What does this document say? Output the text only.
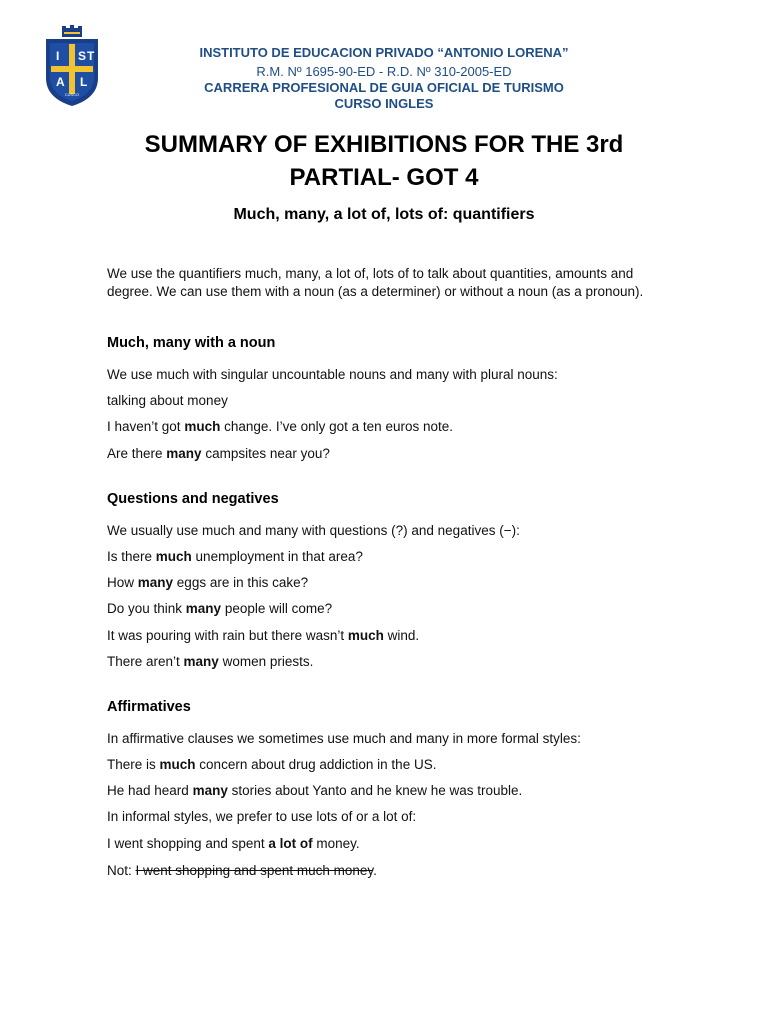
I S T
A L
CUSCO
INSTITUTO DE EDUCACION PRIVADO “ANTONIO LORENA”
R.M. Nº 1695-90-ED - R.D. Nº 310-2005-ED
CARRERA PROFESIONAL DE GUIA OFICIAL DE TURISMO
CURSO INGLES
SUMMARY OF EXHIBITIONS FOR THE 3rd
PARTIAL- GOT 4
Much, many, a lot of, lots of: quantifiers
We use the quantifiers much, many, a lot of, lots of to talk about quantities, amounts and degree. We can use them with a noun (as a determiner) or without a noun (as a pronoun).
Much, many with a noun
We use much with singular uncountable nouns and many with plural nouns:
talking about money
I haven’t got much change. I’ve only got a ten euros note.
Are there many campsites near you?
Questions and negatives
We usually use much and many with questions (?) and negatives (−):
Is there much unemployment in that area?
How many eggs are in this cake?
Do you think many people will come?
It was pouring with rain but there wasn’t much wind.
There aren’t many women priests.
Affirmatives
In affirmative clauses we sometimes use much and many in more formal styles:
There is much concern about drug addiction in the US.
He had heard many stories about Yanto and he knew he was trouble.
In informal styles, we prefer to use lots of or a lot of:
I went shopping and spent a lot of money.
Not: I went shopping and spent much money.
